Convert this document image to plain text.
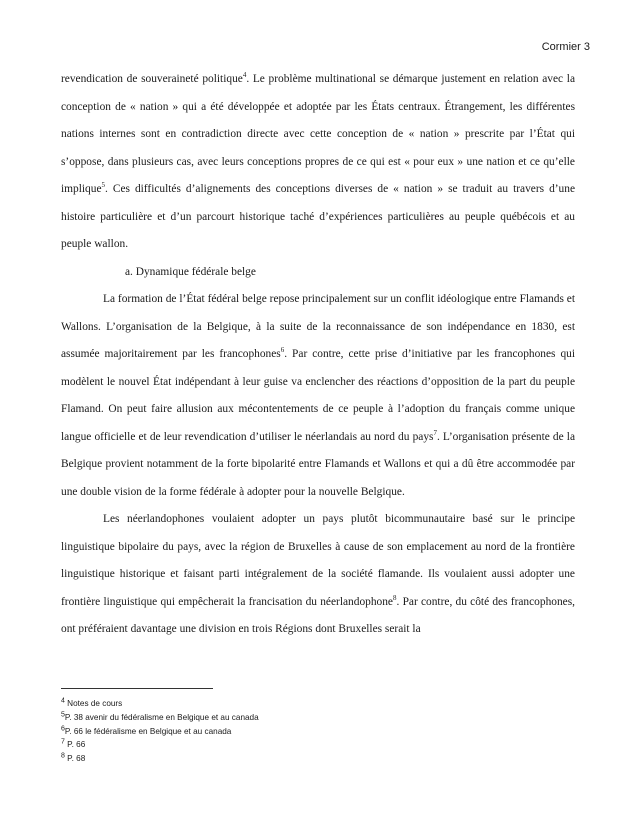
Cormier 3

revendication de souveraineté politique$^4$. Le problème multinational se démarque justement en relation avec la conception de « nation » qui a été développée et adoptée par les États centraux. Étrangement, les différentes nations internes sont en contradiction directe avec cette conception de « nation » prescrite par l’État qui s’oppose, dans plusieurs cas, avec leurs conceptions propres de ce qui est « pour eux » une nation et ce qu’elle implique$^5$. Ces difficultés d’alignements des conceptions diverses de « nation » se traduit au travers d’une histoire particulière et d’un parcourt historique taché d’expériences particulières au peuple québécois et au peuple wallon.

a. Dynamique fédérale belge

La formation de l’État fédéral belge repose principalement sur un conflit idéologique entre Flamands et Wallons. L’organisation de la Belgique, à la suite de la reconnaissance de son indépendance en 1830, est assumée majoritairement par les francophones$^6$. Par contre, cette prise d’initiative par les francophones qui modèlent le nouvel État indépendant à leur guise va enclencher des réactions d’opposition de la part du peuple Flamand. On peut faire allusion aux mécontentements de ce peuple à l’adoption du français comme unique langue officielle et de leur revendication d’utiliser le néerlandais au nord du pays$^7$. L’organisation présente de la Belgique provient notamment de la forte bipolarité entre Flamands et Wallons et qui a dû être accommodée par une double vision de la forme fédérale à adopter pour la nouvelle Belgique.

Les néerlandophones voulaient adopter un pays plutôt bicommunautaire basé sur le principe linguistique bipolaire du pays, avec la région de Bruxelles à cause de son emplacement au nord de la frontière linguistique historique et faisant parti intégralement de la société flamande. Ils voulaient aussi adopter une frontière linguistique qui empêcherait la francisation du néerlandophone$^8$. Par contre, du côté des francophones, ont préféraient davantage une division en trois Régions dont Bruxelles serait la

$^4$ Notes de cours
$^5$P. 38 avenir du fédéralisme en Belgique et au canada
$^6$P. 66 le fédéralisme en Belgique et au canada
$^7$ P. 66
$^8$ P. 68
